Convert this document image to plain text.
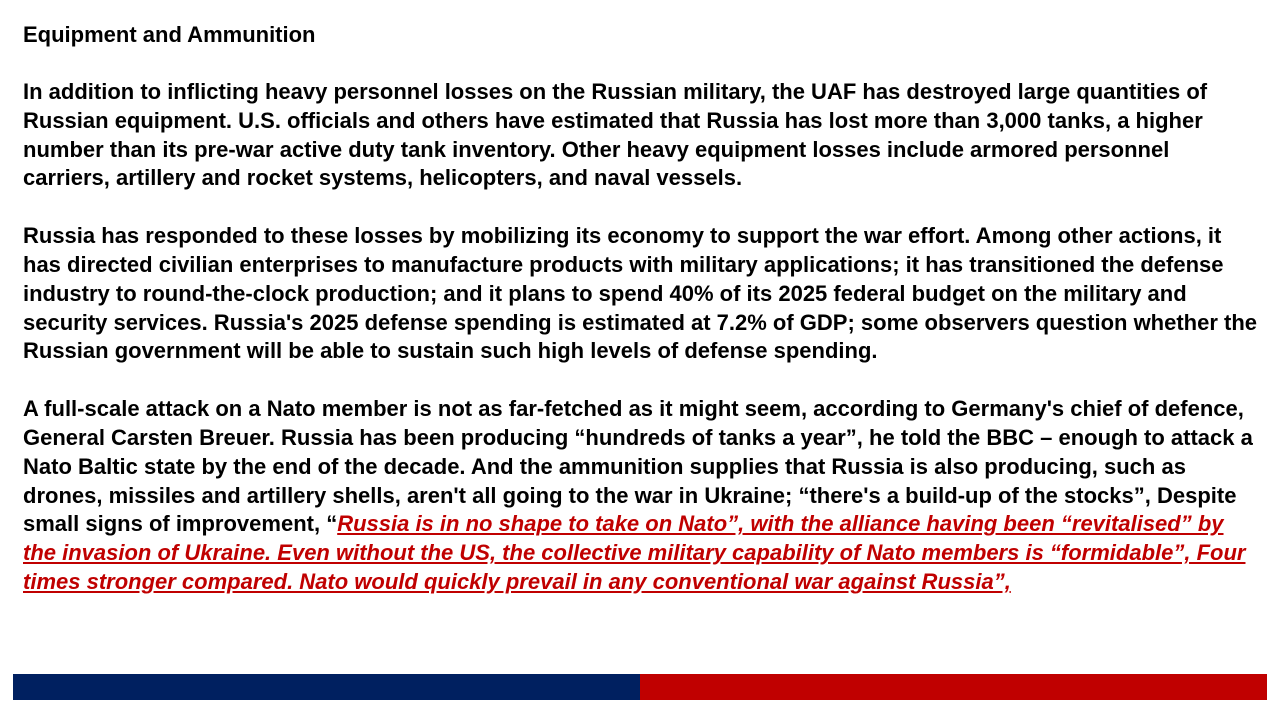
Equipment and Ammunition

In addition to inflicting heavy personnel losses on the Russian military, the UAF has destroyed large quantities of Russian equipment. U.S. officials and others have estimated that Russia has lost more than 3,000 tanks, a higher number than its pre-war active duty tank inventory. Other heavy equipment losses include armored personnel carriers, artillery and rocket systems, helicopters, and naval vessels.

Russia has responded to these losses by mobilizing its economy to support the war effort. Among other actions, it has directed civilian enterprises to manufacture products with military applications; it has transitioned the defense industry to round-the-clock production; and it plans to spend 40% of its 2025 federal budget on the military and security services. Russia's 2025 defense spending is estimated at 7.2% of GDP; some observers question whether the Russian government will be able to sustain such high levels of defense spending.

A full-scale attack on a Nato member is not as far-fetched as it might seem, according to Germany's chief of defence, General Carsten Breuer. Russia has been producing “hundreds of tanks a year”, he told the BBC – enough to attack a Nato Baltic state by the end of the decade. And the ammunition supplies that Russia is also producing, such as drones, missiles and artillery shells, aren't all going to the war in Ukraine; “there's a build-up of the stocks”, Despite small signs of improvement, “Russia is in no shape to take on Nato”, with the alliance having been “revitalised” by the invasion of Ukraine. Even without the US, the collective military capability of Nato members is “formidable”, Four times stronger compared. Nato would quickly prevail in any conventional war against Russia”,
